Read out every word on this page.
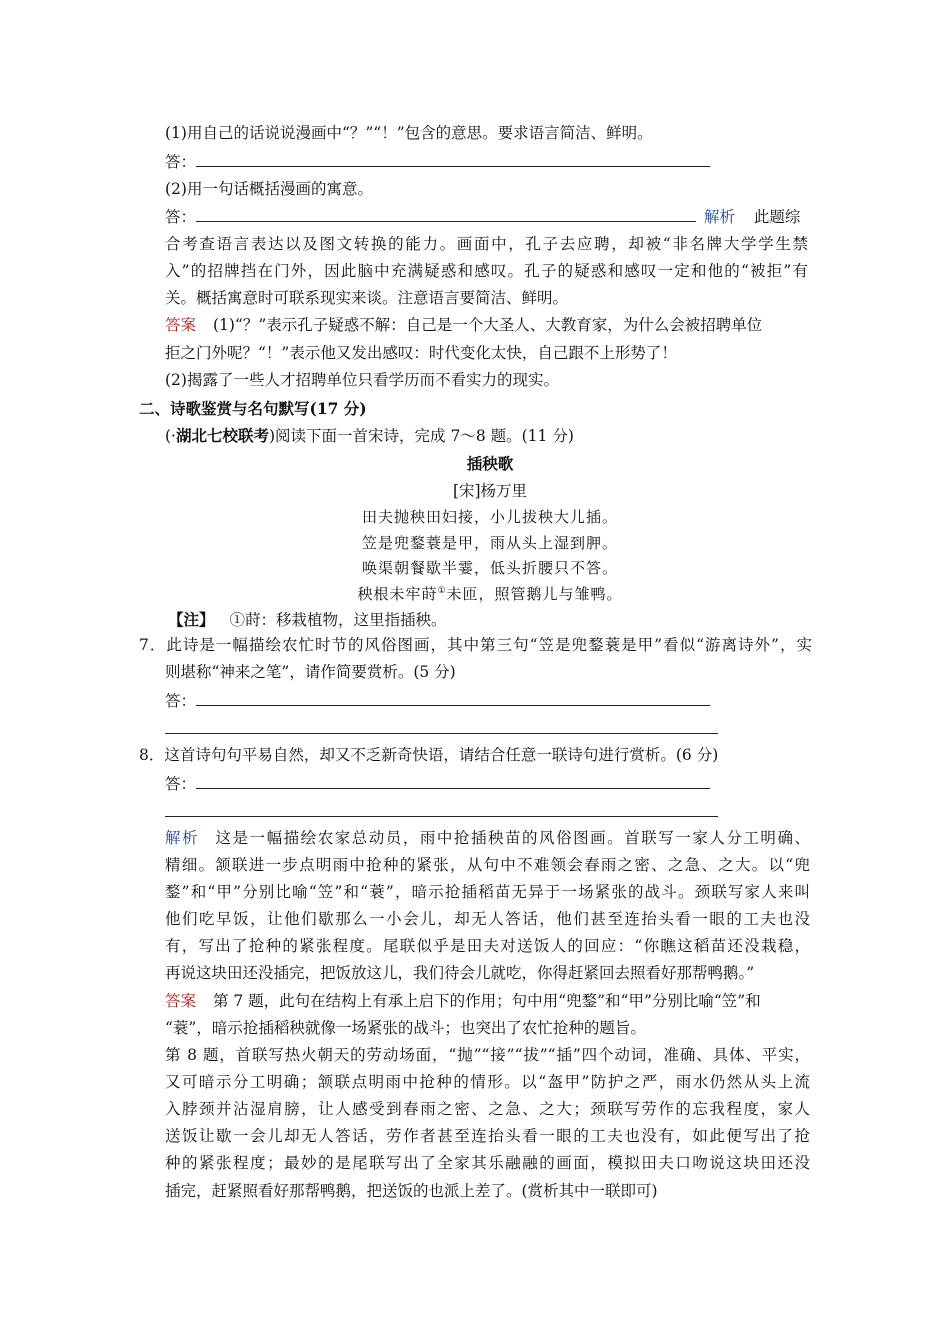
(1)用自己的话说说漫画中“？”“！”包含的意思。要求语言简洁、鲜明。
答：
(2)用一句话概括漫画的寓意。
答：	解析 此题综
合考查语言表达以及图文转换的能力。画面中，孔子去应聘，却被“非名牌大学学生禁
入”的招牌挡在门外，因此脑中充满疑惑和感叹。孔子的疑惑和感叹一定和他的“被拒”有
关。概括寓意时可联系现实来谈。注意语言要简洁、鲜明。
答案 (1)“？”表示孔子疑惑不解：自己是一个大圣人、大教育家，为什么会被招聘单位
拒之门外呢？“！”表示他又发出感叹：时代变化太快，自己跟不上形势了！
(2)揭露了一些人才招聘单位只看学历而不看实力的现实。
二、诗歌鉴赏与名句默写(17 分)
(·湖北七校联考)阅读下面一首宋诗，完成 7～8 题。(11 分)
插秧歌
[宋]杨万里
田夫抛秧田妇接，小儿拔秧大儿插。
笠是兜鍪蓑是甲，雨从头上湿到胛。
唤渠朝餐歇半霎，低头折腰只不答。
秧根未牢莳①未匝，照管鹅儿与雏鸭。
【注】 ①莳：移栽植物，这里指插秧。
7．此诗是一幅描绘农忙时节的风俗图画，其中第三句“笠是兜鍪蓑是甲”看似“游离诗外”，实
则堪称“神来之笔”，请作简要赏析。(5 分)
答：
8．这首诗句句平易自然，却又不乏新奇快语，请结合任意一联诗句进行赏析。(6 分)
答：
解析 这是一幅描绘农家总动员，雨中抢插秧苗的风俗图画。首联写一家人分工明确、
精细。颔联进一步点明雨中抢种的紧张，从句中不难领会春雨之密、之急、之大。以“兜
鍪”和“甲”分别比喻“笠”和“蓑”，暗示抢插稻苗无异于一场紧张的战斗。颈联写家人来叫
他们吃早饭，让他们歇那么一小会儿，却无人答话，他们甚至连抬头看一眼的工夫也没
有，写出了抢种的紧张程度。尾联似乎是田夫对送饭人的回应：“你瞧这稻苗还没栽稳，
再说这块田还没插完，把饭放这儿，我们待会儿就吃，你得赶紧回去照看好那帮鸭鹅。”
答案 第 7 题，此句在结构上有承上启下的作用；句中用“兜鍪”和“甲”分别比喻“笠”和
“蓑”，暗示抢插稻秧就像一场紧张的战斗；也突出了农忙抢种的题旨。
第 8 题，首联写热火朝天的劳动场面，“抛”“接”“拔”“插”四个动词，准确、具体、平实，
又可暗示分工明确；颔联点明雨中抢种的情形。以“盔甲”防护之严，雨水仍然从头上流
入脖颈并沾湿肩膀，让人感受到春雨之密、之急、之大；颈联写劳作的忘我程度，家人
送饭让歇一会儿却无人答话，劳作者甚至连抬头看一眼的工夫也没有，如此便写出了抢
种的紧张程度；最妙的是尾联写出了全家其乐融融的画面，模拟田夫口吻说这块田还没
插完，赶紧照看好那帮鸭鹅，把送饭的也派上差了。(赏析其中一联即可)
